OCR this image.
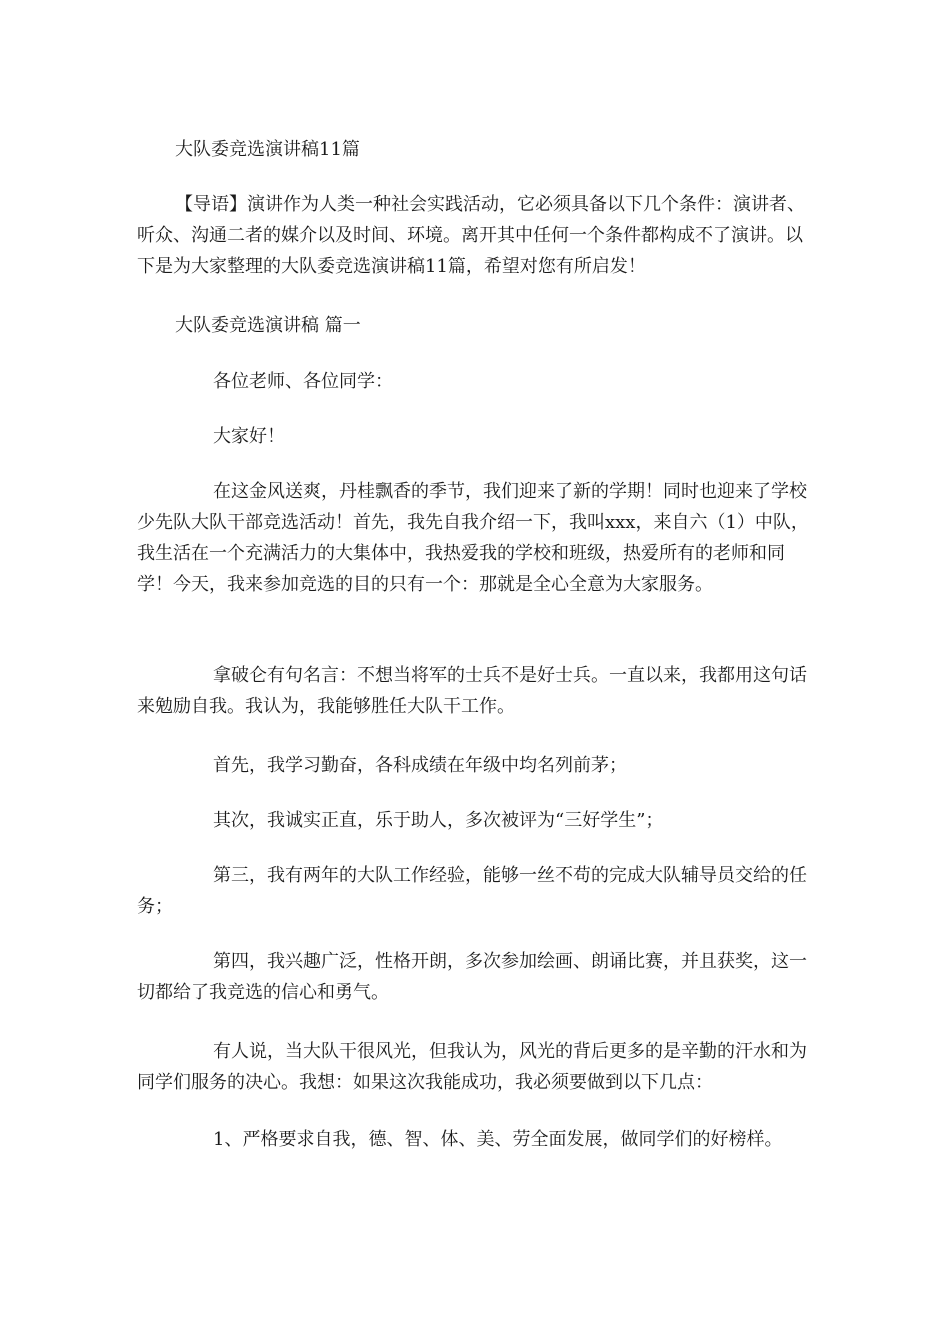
大队委竞选演讲稿11篇

【导语】演讲作为人类一种社会实践活动，它必须具备以下几个条件：演讲者、听众、沟通二者的媒介以及时间、环境。离开其中任何一个条件都构成不了演讲。以下是为大家整理的大队委竞选演讲稿11篇，希望对您有所启发！

大队委竞选演讲稿 篇一

各位老师、各位同学：

大家好！

在这金风送爽，丹桂飘香的季节，我们迎来了新的学期！同时也迎来了学校少先队大队干部竞选活动！首先，我先自我介绍一下，我叫xxx，来自六（1）中队，我生活在一个充满活力的大集体中，我热爱我的学校和班级，热爱所有的老师和同学！今天，我来参加竞选的目的只有一个：那就是全心全意为大家服务。

拿破仑有句名言：不想当将军的士兵不是好士兵。一直以来，我都用这句话来勉励自我。我认为，我能够胜任大队干工作。

首先，我学习勤奋，各科成绩在年级中均名列前茅；

其次，我诚实正直，乐于助人，多次被评为“三好学生”；

第三，我有两年的大队工作经验，能够一丝不苟的完成大队辅导员交给的任务；

第四，我兴趣广泛，性格开朗，多次参加绘画、朗诵比赛，并且获奖，这一切都给了我竞选的信心和勇气。

有人说，当大队干很风光，但我认为，风光的背后更多的是辛勤的汗水和为同学们服务的决心。我想：如果这次我能成功，我必须要做到以下几点：

1、严格要求自我，德、智、体、美、劳全面发展，做同学们的好榜样。
